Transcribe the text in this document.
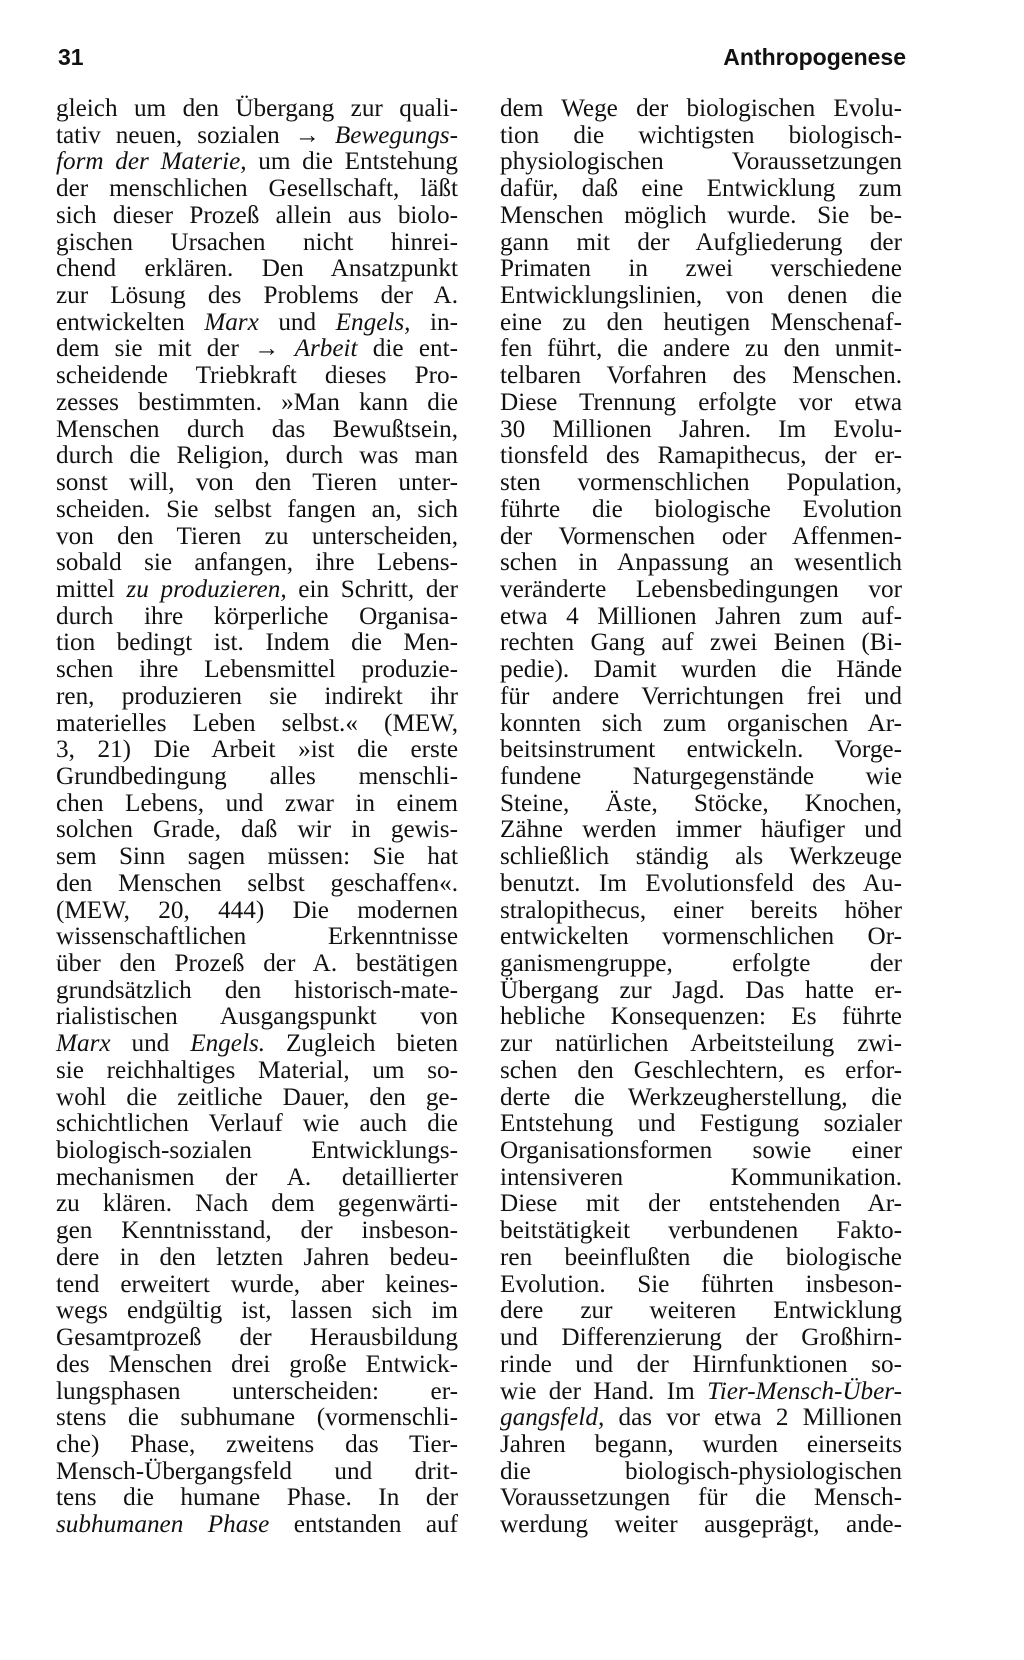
31	Anthropogenese
gleich um den Übergang zur quali-
tativ neuen, sozialen → Bewegungs-
form der Materie, um die Entstehung
der menschlichen Gesellschaft, läßt
sich dieser Prozeß allein aus biolo-
gischen Ursachen nicht hinrei-
chend erklären. Den Ansatzpunkt
zur Lösung des Problems der A.
entwickelten Marx und Engels, in-
dem sie mit der → Arbeit die ent-
scheidende Triebkraft dieses Pro-
zesses bestimmten. »Man kann die
Menschen durch das Bewußtsein,
durch die Religion, durch was man
sonst will, von den Tieren unter-
scheiden. Sie selbst fangen an, sich
von den Tieren zu unterscheiden,
sobald sie anfangen, ihre Lebens-
mittel zu produzieren, ein Schritt, der
durch ihre körperliche Organisa-
tion bedingt ist. Indem die Men-
schen ihre Lebensmittel produzie-
ren, produzieren sie indirekt ihr
materielles Leben selbst.« (MEW,
3, 21) Die Arbeit »ist die erste
Grundbedingung alles menschli-
chen Lebens, und zwar in einem
solchen Grade, daß wir in gewis-
sem Sinn sagen müssen: Sie hat
den Menschen selbst geschaffen«.
(MEW, 20, 444) Die modernen
wissenschaftlichen Erkenntnisse
über den Prozeß der A. bestätigen
grundsätzlich den historisch-mate-
rialistischen Ausgangspunkt von
Marx und Engels. Zugleich bieten
sie reichhaltiges Material, um so-
wohl die zeitliche Dauer, den ge-
schichtlichen Verlauf wie auch die
biologisch-sozialen Entwicklungs-
mechanismen der A. detaillierter
zu klären. Nach dem gegenwärti-
gen Kenntnisstand, der insbeson-
dere in den letzten Jahren bedeu-
tend erweitert wurde, aber keines-
wegs endgültig ist, lassen sich im
Gesamtprozeß der Herausbildung
des Menschen drei große Entwick-
lungsphasen unterscheiden: er-
stens die subhumane (vormenschli-
che) Phase, zweitens das Tier-
Mensch-Übergangsfeld und drit-
tens die humane Phase. In der
subhumanen Phase entstanden auf
dem Wege der biologischen Evolu-
tion die wichtigsten biologisch-
physiologischen Voraussetzungen
dafür, daß eine Entwicklung zum
Menschen möglich wurde. Sie be-
gann mit der Aufgliederung der
Primaten in zwei verschiedene
Entwicklungslinien, von denen die
eine zu den heutigen Menschenaf-
fen führt, die andere zu den unmit-
telbaren Vorfahren des Menschen.
Diese Trennung erfolgte vor etwa
30 Millionen Jahren. Im Evolu-
tionsfeld des Ramapithecus, der er-
sten vormenschlichen Population,
führte die biologische Evolution
der Vormenschen oder Affenmen-
schen in Anpassung an wesentlich
veränderte Lebensbedingungen vor
etwa 4 Millionen Jahren zum auf-
rechten Gang auf zwei Beinen (Bi-
pedie). Damit wurden die Hände
für andere Verrichtungen frei und
konnten sich zum organischen Ar-
beitsinstrument entwickeln. Vorge-
fundene Naturgegenstände wie
Steine, Äste, Stöcke, Knochen,
Zähne werden immer häufiger und
schließlich ständig als Werkzeuge
benutzt. Im Evolutionsfeld des Au-
stralopithecus, einer bereits höher
entwickelten vormenschlichen Or-
ganismengruppe, erfolgte der
Übergang zur Jagd. Das hatte er-
hebliche Konsequenzen: Es führte
zur natürlichen Arbeitsteilung zwi-
schen den Geschlechtern, es erfor-
derte die Werkzeugherstellung, die
Entstehung und Festigung sozialer
Organisationsformen sowie einer
intensiveren Kommunikation.
Diese mit der entstehenden Ar-
beitstätigkeit verbundenen Fakto-
ren beeinflußten die biologische
Evolution. Sie führten insbeson-
dere zur weiteren Entwicklung
und Differenzierung der Großhirn-
rinde und der Hirnfunktionen so-
wie der Hand. Im Tier-Mensch-Über-
gangsfeld, das vor etwa 2 Millionen
Jahren begann, wurden einerseits
die biologisch-physiologischen
Voraussetzungen für die Mensch-
werdung weiter ausgeprägt, ande-
